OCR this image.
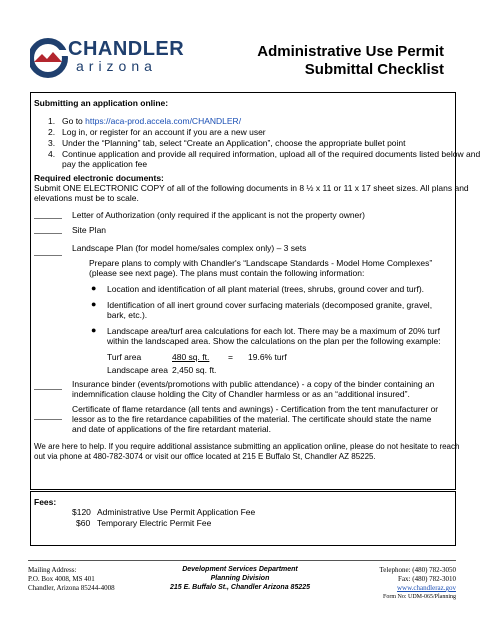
CHANDLER
arizona
Administrative Use Permit
Submittal Checklist
Submitting an application online:
1. Go to https://aca-prod.accela.com/CHANDLER/
2. Log in, or register for an account if you are a new user
3. Under the “Planning” tab, select “Create an Application”, choose the appropriate bullet point
4. Continue application and provide all required information, upload all of the required documents listed below and
pay the application fee
Required electronic documents:
Submit ONE ELECTRONIC COPY of all of the following documents in 8 ½ x 11 or 11 x 17 sheet sizes. All plans and
elevations must be to scale.
Letter of Authorization (only required if the applicant is not the property owner)
Site Plan
Landscape Plan (for model home/sales complex only) – 3 sets
Prepare plans to comply with Chandler's “Landscape Standards - Model Home Complexes”
(please see next page). The plans must contain the following information:
● Location and identification of all plant material (trees, shrubs, ground cover and turf).
● Identification of all inert ground cover surfacing materials (decomposed granite, gravel,
bark, etc.).
● Landscape area/turf area calculations for each lot. There may be a maximum of 20% turf
within the landscaped area. Show the calculations on the plan per the following example:
Turf area	480 sq. ft. = 19.6% turf
Landscape area 2,450 sq. ft.
Insurance binder (events/promotions with public attendance) - a copy of the binder containing an
indemnification clause holding the City of Chandler harmless or as an “additional insured”.
Certificate of flame retardance (all tents and awnings) - Certification from the tent manufacturer or
lessor as to the fire retardance capabilities of the material. The certificate should state the name
and date of applications of the fire retardant material.
We are here to help. If you require additional assistance submitting an application online, please do not hesitate to reach
out via phone at 480-782-3074 or visit our office located at 215 E Buffalo St, Chandler AZ 85225.
Fees:
$120 Administrative Use Permit Application Fee
$60 Temporary Electric Permit Fee
Mailing Address:
P.O. Box 4008, MS 401
Chandler, Arizona 85244-4008
Development Services Department
Planning Division
215 E. Buffalo St., Chandler Arizona 85225
Telephone: (480) 782-3050
Fax: (480) 782-3010
www.chandleraz.gov
Form No: UDM-065/Planning
